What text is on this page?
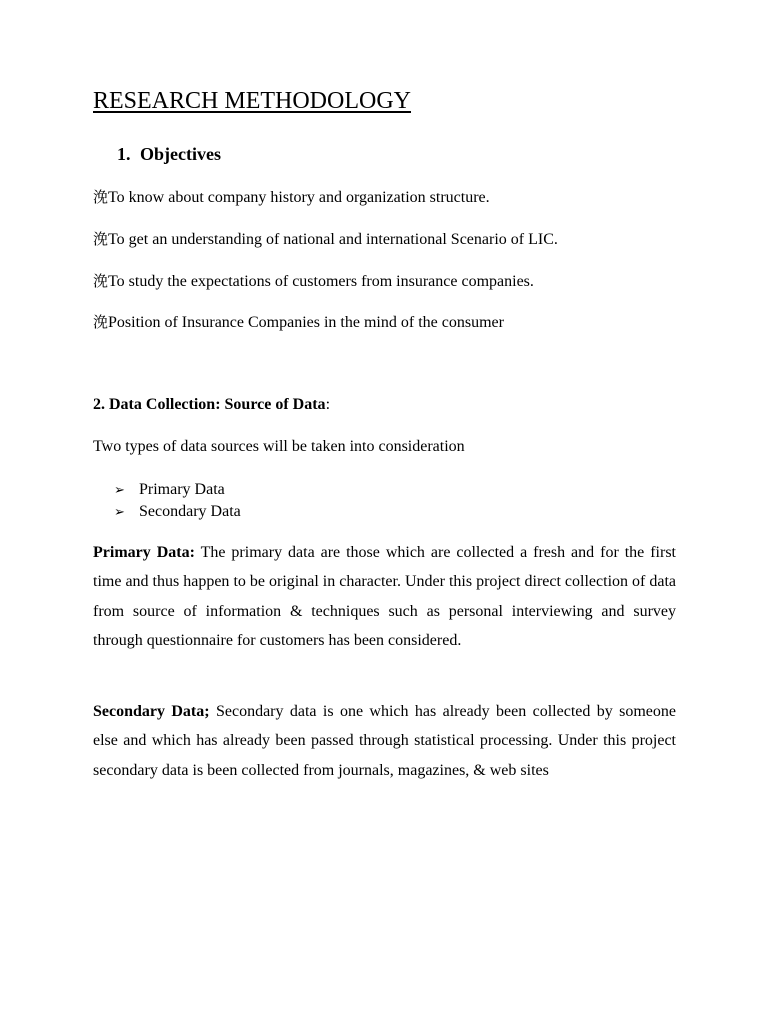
RESEARCH METHODOLOGY
1. Objectives
浼To know about company history and organization structure.
浼To get an understanding of national and international Scenario of LIC.
浼To study the expectations of customers from insurance companies.
浼Position of Insurance Companies in the mind of the consumer
2. Data Collection: Source of Data:
Two types of data sources will be taken into consideration
➢ Primary Data
➢ Secondary Data

Primary Data: The primary data are those which are collected a fresh and for the first time and thus happen to be original in character. Under this project direct collection of data from source of information & techniques such as personal interviewing and survey through questionnaire for customers has been considered.

Secondary Data; Secondary data is one which has already been collected by someone else and which has already been passed through statistical processing. Under this project secondary data is been collected from journals, magazines, & web sites
